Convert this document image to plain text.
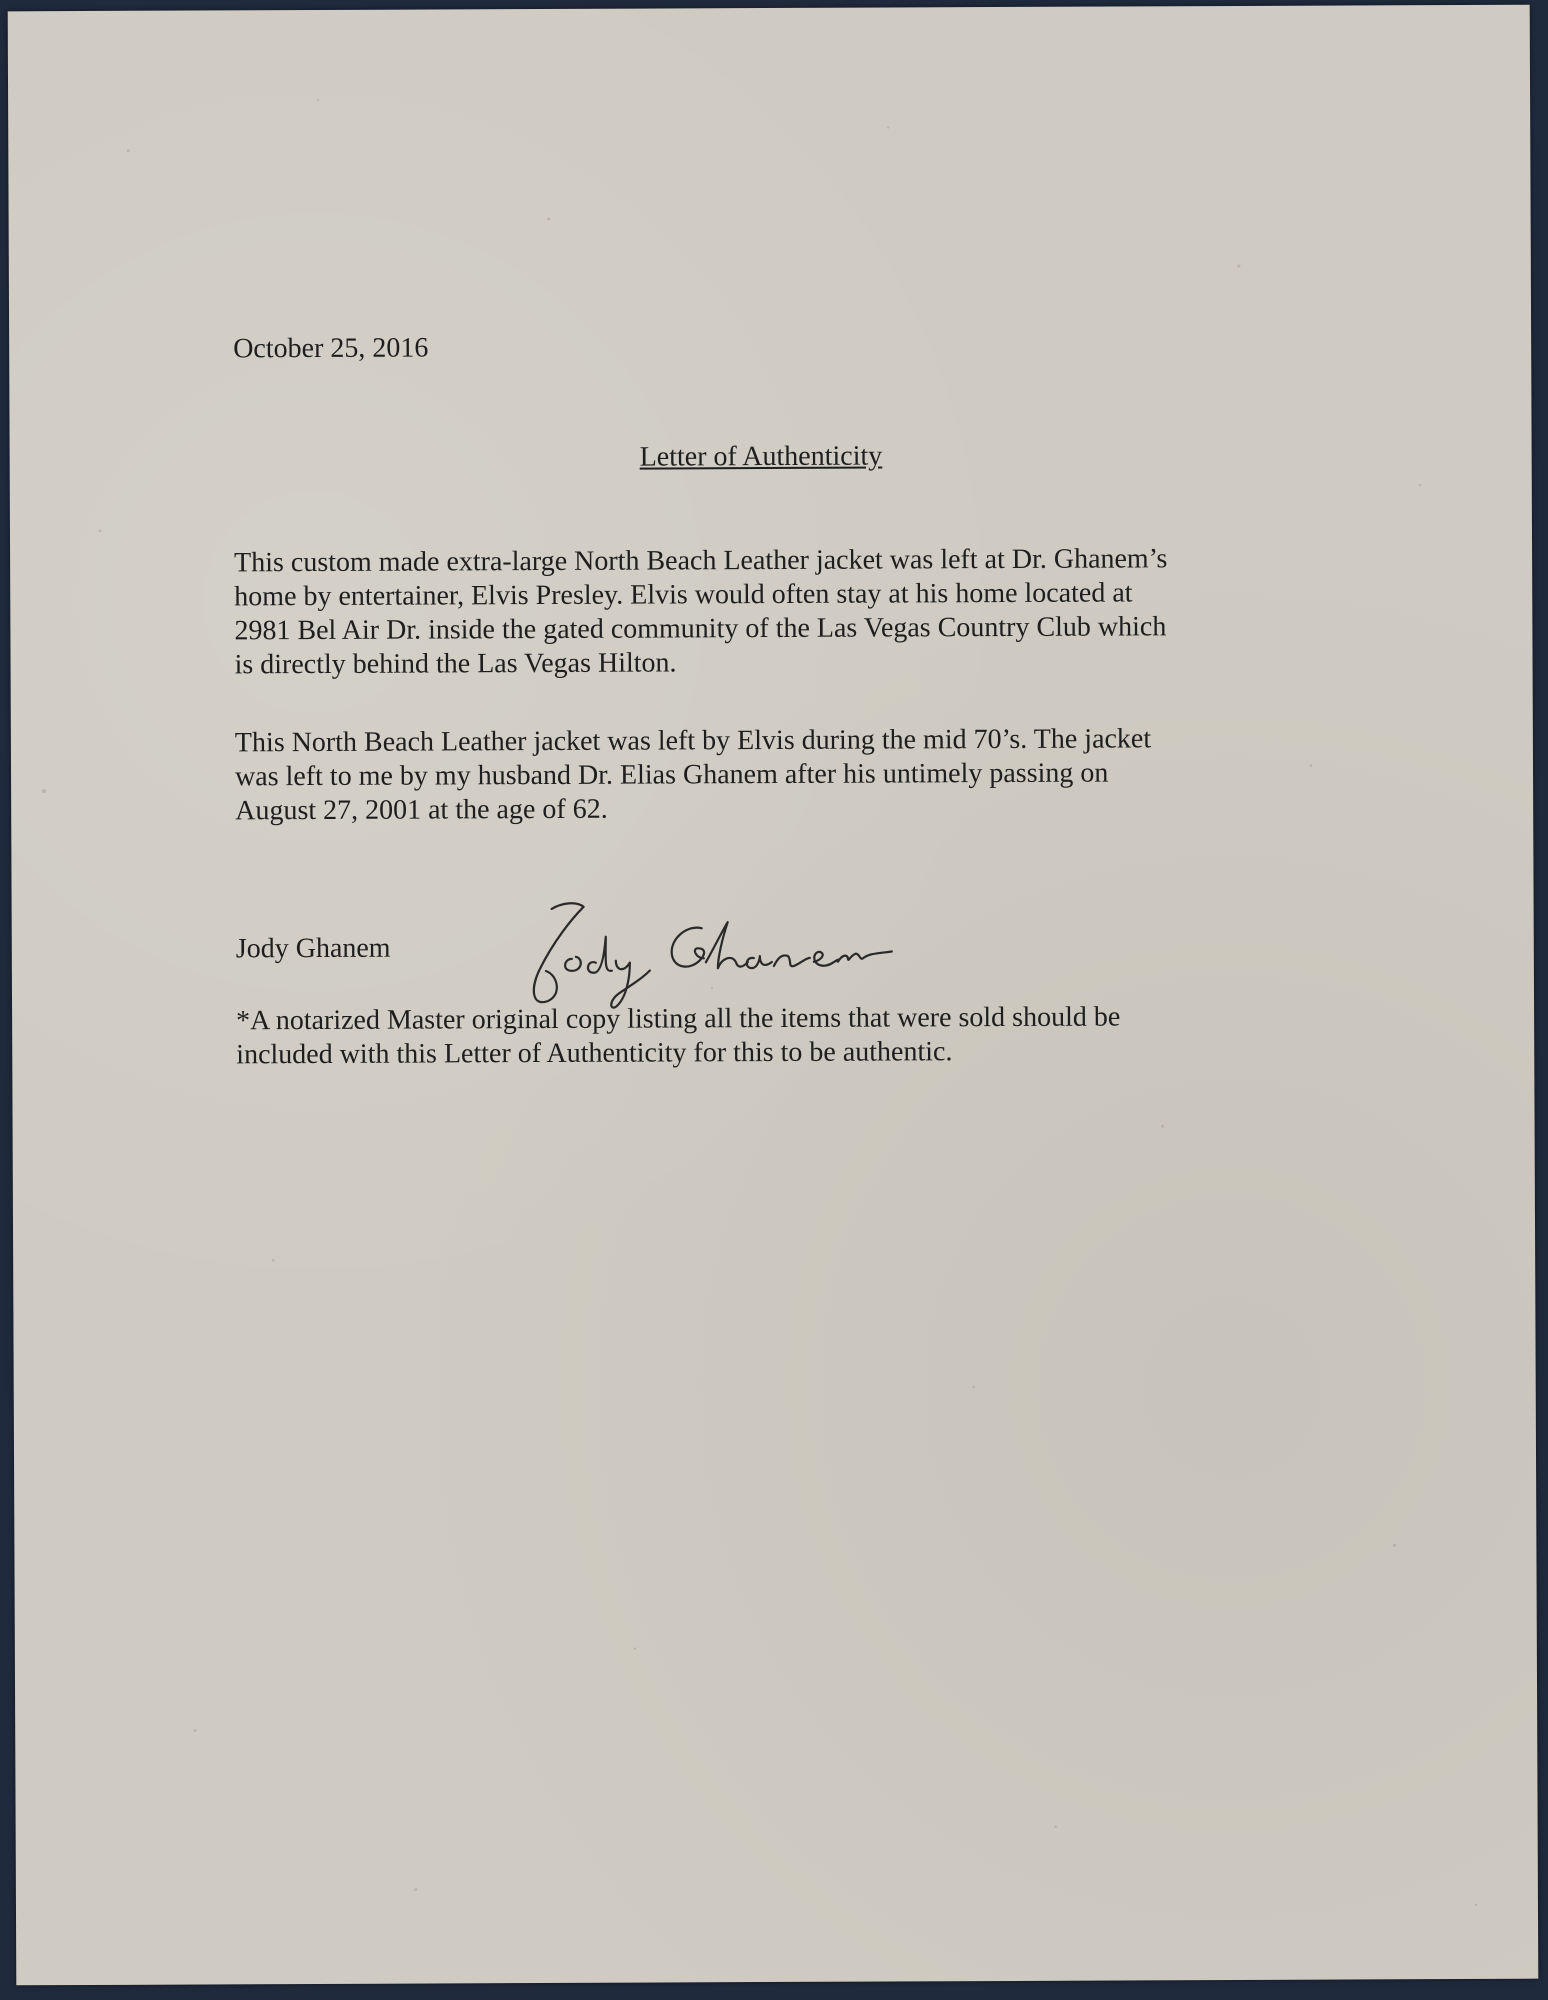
October 25, 2016
Letter of Authenticity
This custom made extra-large North Beach Leather jacket was left at Dr. Ghanem’s
home by entertainer, Elvis Presley. Elvis would often stay at his home located at
2981 Bel Air Dr. inside the gated community of the Las Vegas Country Club which
is directly behind the Las Vegas Hilton.
This North Beach Leather jacket was left by Elvis during the mid 70’s. The jacket
was left to me by my husband Dr. Elias Ghanem after his untimely passing on
August 27, 2001 at the age of 62.
Jody Ghanem
*A notarized Master original copy listing all the items that were sold should be
included with this Letter of Authenticity for this to be authentic.
